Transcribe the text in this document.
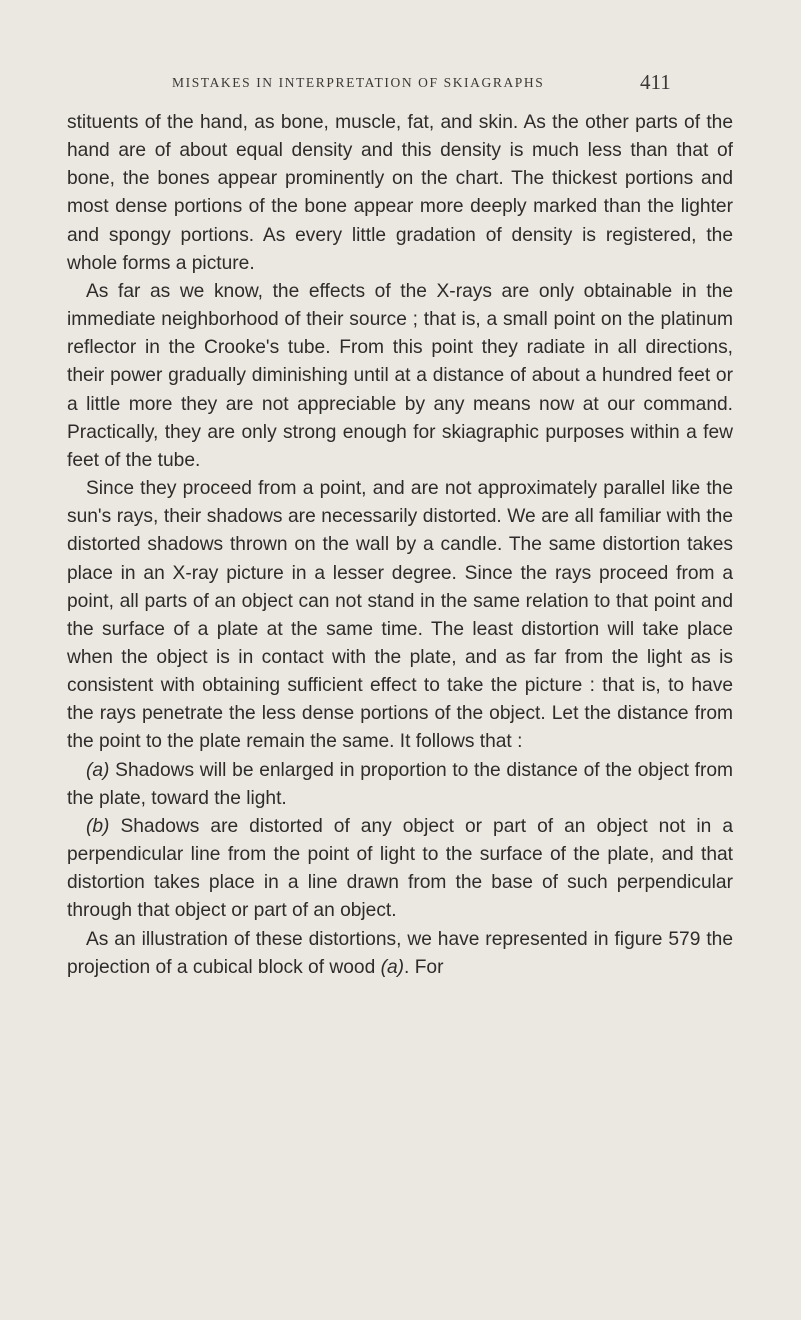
MISTAKES IN INTERPRETATION OF SKIAGRAPHS	411

stituents of the hand, as bone, muscle, fat, and skin. As the other parts of the hand are of about equal density and this density is much less than that of bone, the bones appear prominently on the chart. The thickest portions and most dense portions of the bone appear more deeply marked than the lighter and spongy portions. As every little gradation of density is registered, the whole forms a picture.

As far as we know, the effects of the X-rays are only obtainable in the immediate neighborhood of their source ; that is, a small point on the platinum reflector in the Crooke's tube. From this point they radiate in all directions, their power gradually diminishing until at a distance of about a hundred feet or a little more they are not appreciable by any means now at our command. Practically, they are only strong enough for skiagraphic purposes within a few feet of the tube.

Since they proceed from a point, and are not approximately parallel like the sun's rays, their shadows are necessarily distorted. We are all familiar with the distorted shadows thrown on the wall by a candle. The same distortion takes place in an X-ray picture in a lesser degree. Since the rays proceed from a point, all parts of an object can not stand in the same relation to that point and the surface of a plate at the same time. The least distortion will take place when the object is in contact with the plate, and as far from the light as is consistent with obtaining sufficient effect to take the picture : that is, to have the rays penetrate the less dense portions of the object. Let the distance from the point to the plate remain the same. It follows that :

(a) Shadows will be enlarged in proportion to the distance of the object from the plate, toward the light.

(b) Shadows are distorted of any object or part of an object not in a perpendicular line from the point of light to the surface of the plate, and that distortion takes place in a line drawn from the base of such perpendicular through that object or part of an object.

As an illustration of these distortions, we have represented in figure 579 the projection of a cubical block of wood (a). For
